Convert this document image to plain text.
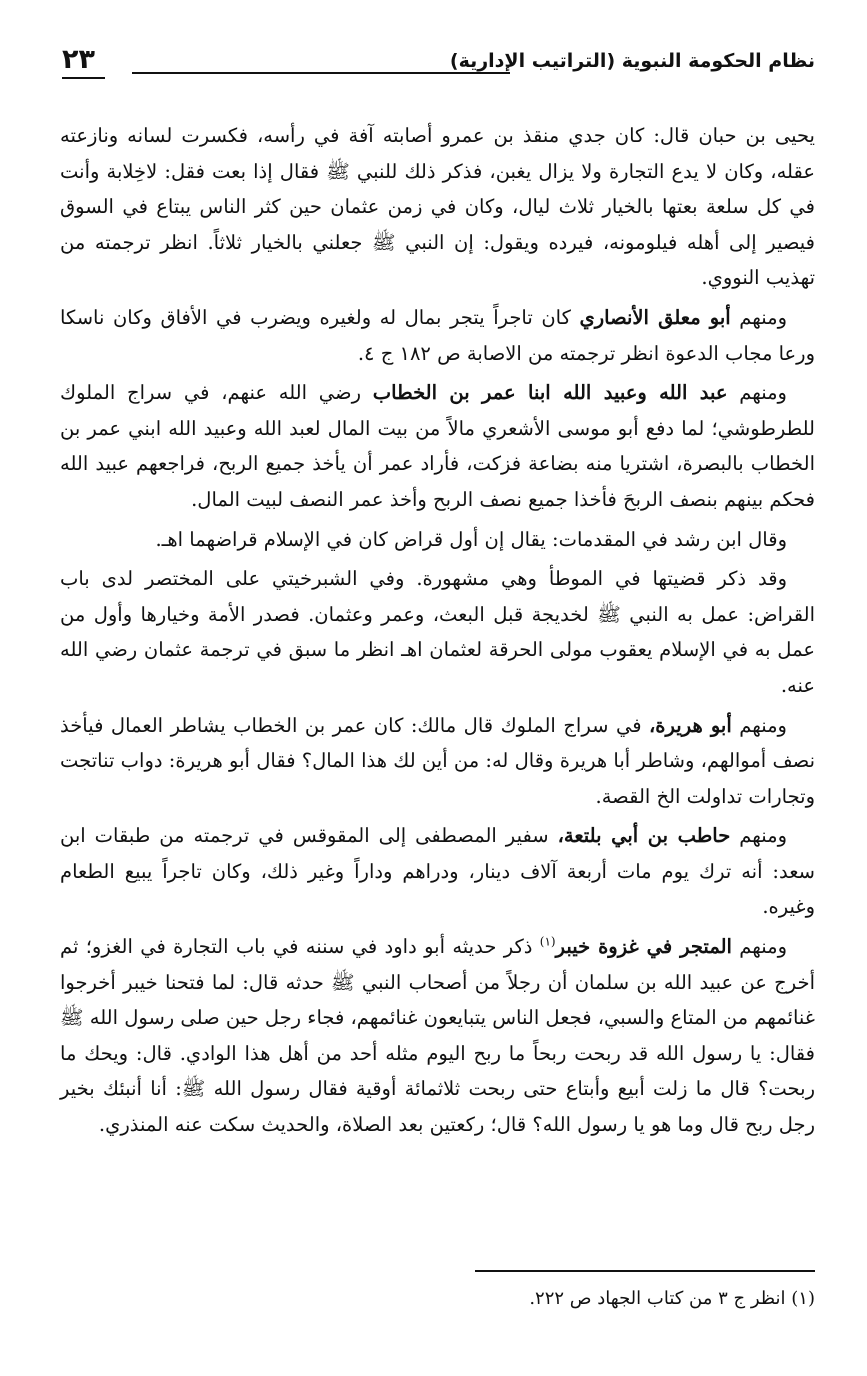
نظام الحكومة النبوية (التراتيب الإدارية)
٢٣

يحيى بن حبان قال: كان جدي منقذ بن عمرو أصابته آفة في رأسه، فكسرت لسانه ونازعته عقله، وكان لا يدع التجارة ولا يزال يغبن، فذكر ذلك للنبي ﷺ فقال إذا بعت فقل: لاخِلابة وأنت في كل سلعة بعتها بالخيار ثلاث ليال، وكان في زمن عثمان حين كثر الناس يبتاع في السوق فيصير إلى أهله فيلومونه، فيرده ويقول: إن النبي ﷺ جعلني بالخيار ثلاثاً. انظر ترجمته من تهذيب النووي.

ومنهم أبو معلق الأنصاري كان تاجراً يتجر بمال له ولغيره ويضرب في الأفاق وكان ناسكا ورعا مجاب الدعوة انظر ترجمته من الاصابة ص ١٨٢ ج ٤.

ومنهم عبد الله وعبيد الله ابنا عمر بن الخطاب رضي الله عنهم، في سراج الملوك للطرطوشي؛ لما دفع أبو موسى الأشعري مالاً من بيت المال لعبد الله وعبيد الله ابني عمر بن الخطاب بالبصرة، اشتريا منه بضاعة فزكت، فأراد عمر أن يأخذ جميع الربح، فراجعهم عبيد الله فحكم بينهم بنصف الربحَ فأخذا جميع نصف الربح وأخذ عمر النصف لبيت المال.

وقال ابن رشد في المقدمات: يقال إن أول قراض كان في الإسلام قراضهما اهـ.

وقد ذكر قضيتها في الموطأ وهي مشهورة. وفي الشبرخيتي على المختصر لدى باب القراض: عمل به النبي ﷺ لخديجة قبل البعث، وعمر وعثمان. فصدر الأمة وخيارها وأول من عمل به في الإسلام يعقوب مولى الحرقة لعثمان اهـ انظر ما سبق في ترجمة عثمان رضي الله عنه.

ومنهم أبو هريرة، في سراج الملوك قال مالك: كان عمر بن الخطاب يشاطر العمال فيأخذ نصف أموالهم، وشاطر أبا هريرة وقال له: من أين لك هذا المال؟ فقال أبو هريرة: دواب تناتجت وتجارات تداولت الخ القصة.

ومنهم حاطب بن أبي بلتعة، سفير المصطفى إلى المقوقس في ترجمته من طبقات ابن سعد: أنه ترك يوم مات أربعة آلاف دينار، ودراهم وداراً وغير ذلك، وكان تاجراً يبيع الطعام وغيره.

ومنهم المتجر في غزوة خيبر$^{(١)}$ ذكر حديثه أبو داود في سننه في باب التجارة في الغزو؛ ثم أخرج عن عبيد الله بن سلمان أن رجلاً من أصحاب النبي ﷺ حدثه قال: لما فتحنا خيبر أخرجوا غنائمهم من المتاع والسبي، فجعل الناس يتبايعون غنائمهم، فجاء رجل حين صلى رسول الله ﷺ فقال: يا رسول الله قد ربحت ربحاً ما ربح اليوم مثله أحد من أهل هذا الوادي. قال: ويحك ما ربحت؟ قال ما زلت أبيع وأبتاع حتى ربحت ثلاثمائة أوقية فقال رسول الله ﷺ: أنا أنبئك بخير رجل ربح قال وما هو يا رسول الله؟ قال؛ ركعتين بعد الصلاة، والحديث سكت عنه المنذري.

(١) انظر ج ٣ من كتاب الجهاد ص ٢٢٢.
